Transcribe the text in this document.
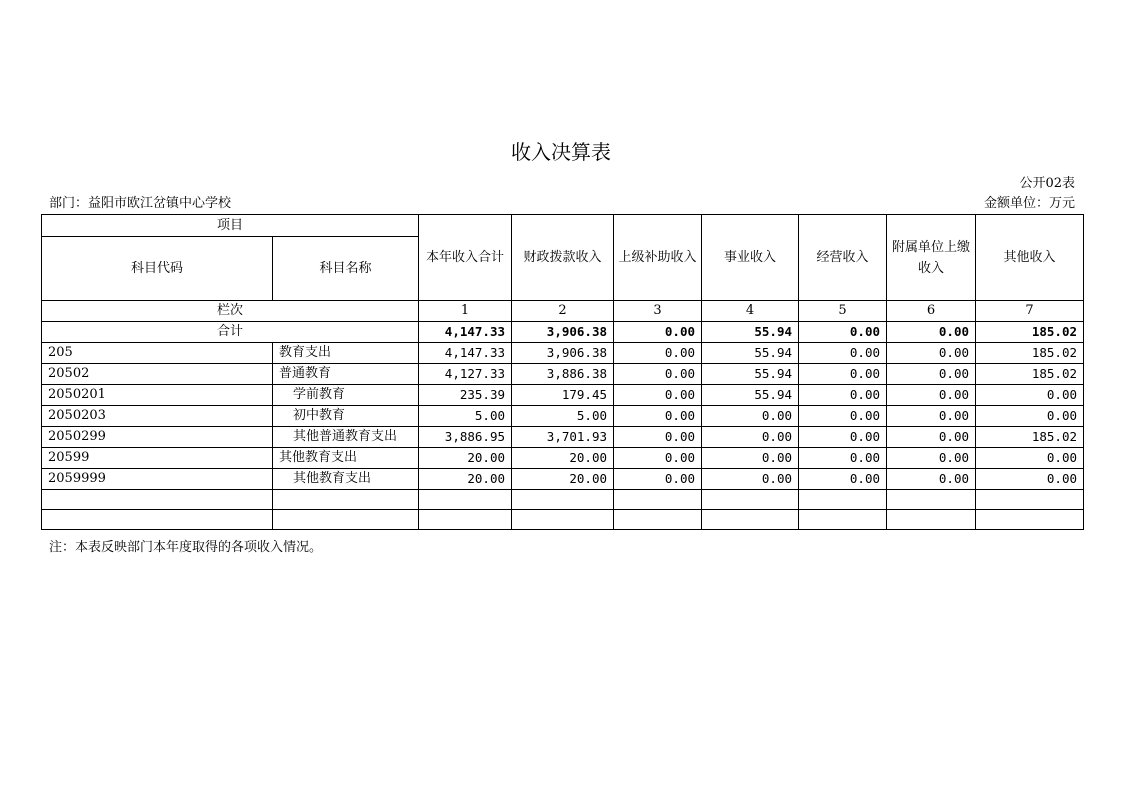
收入决算表
公开02表
部门：益阳市欧江岔镇中心学校	金额单位：万元
项目		本年收入合计	财政拨款收入	上级补助收入	事业收入	经营收入	附属单位上缴收入	其他收入
科目代码	科目名称							
栏次		1	2	3	4	5	6	7
合计		4,147.33	3,906.38	0.00	55.94	0.00	0.00	185.02
205	教育支出	4,147.33	3,906.38	0.00	55.94	0.00	0.00	185.02
20502	普通教育	4,127.33	3,886.38	0.00	55.94	0.00	0.00	185.02
2050201	学前教育	235.39	179.45	0.00	55.94	0.00	0.00	0.00
2050203	初中教育	5.00	5.00	0.00	0.00	0.00	0.00	0.00
2050299	其他普通教育支出	3,886.95	3,701.93	0.00	0.00	0.00	0.00	185.02
20599	其他教育支出	20.00	20.00	0.00	0.00	0.00	0.00	0.00
2059999	其他教育支出	20.00	20.00	0.00	0.00	0.00	0.00	0.00

注：本表反映部门本年度取得的各项收入情况。
